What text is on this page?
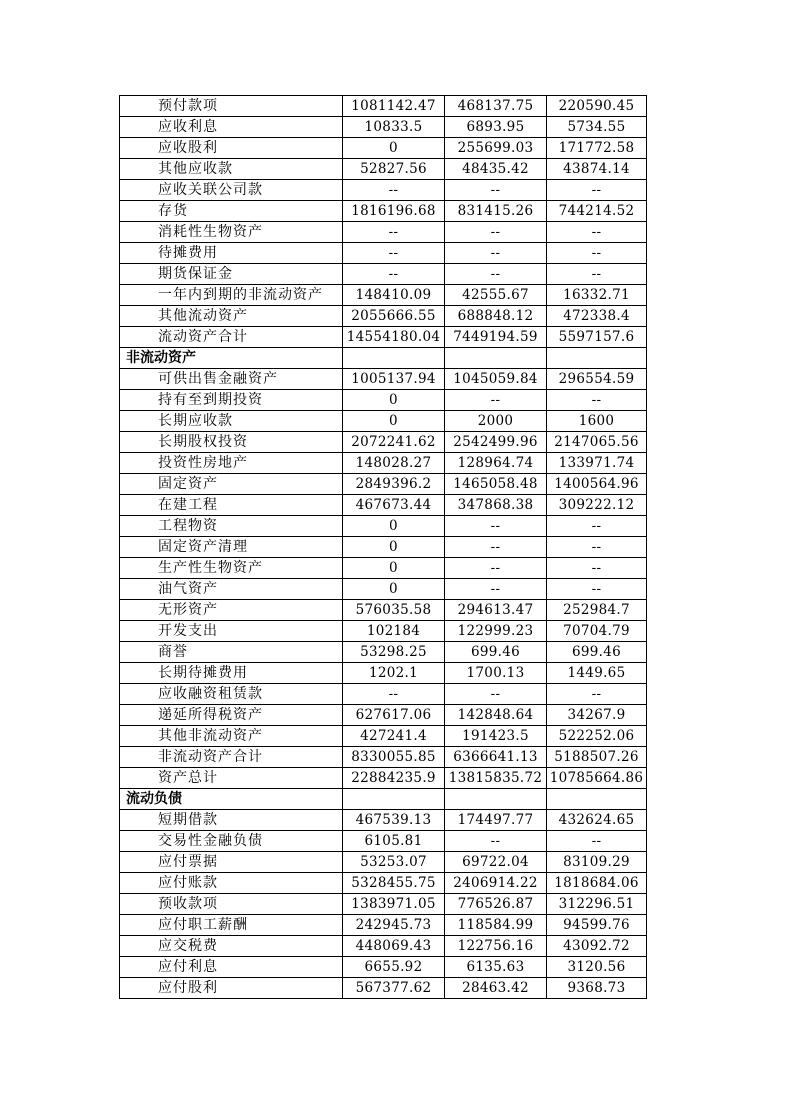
预付款项	1081142.47	468137.75	220590.45
应收利息	10833.5	6893.95	5734.55
应收股利	0	255699.03	171772.58
其他应收款	52827.56	48435.42	43874.14
应收关联公司款	--	--	--
存货	1816196.68	831415.26	744214.52
消耗性生物资产	--	--	--
待摊费用	--	--	--
期货保证金	--	--	--
一年内到期的非流动资产	148410.09	42555.67	16332.71
其他流动资产	2055666.55	688848.12	472338.4
流动资产合计	14554180.04	7449194.59	5597157.6
非流动资产			
可供出售金融资产	1005137.94	1045059.84	296554.59
持有至到期投资	0	--	--
长期应收款	0	2000	1600
长期股权投资	2072241.62	2542499.96	2147065.56
投资性房地产	148028.27	128964.74	133971.74
固定资产	2849396.2	1465058.48	1400564.96
在建工程	467673.44	347868.38	309222.12
工程物资	0	--	--
固定资产清理	0	--	--
生产性生物资产	0	--	--
油气资产	0	--	--
无形资产	576035.58	294613.47	252984.7
开发支出	102184	122999.23	70704.79
商誉	53298.25	699.46	699.46
长期待摊费用	1202.1	1700.13	1449.65
应收融资租赁款	--	--	--
递延所得税资产	627617.06	142848.64	34267.9
其他非流动资产	427241.4	191423.5	522252.06
非流动资产合计	8330055.85	6366641.13	5188507.26
资产总计	22884235.9	13815835.72	10785664.86
流动负债			
短期借款	467539.13	174497.77	432624.65
交易性金融负债	6105.81	--	--
应付票据	53253.07	69722.04	83109.29
应付账款	5328455.75	2406914.22	1818684.06
预收款项	1383971.05	776526.87	312296.51
应付职工薪酬	242945.73	118584.99	94599.76
应交税费	448069.43	122756.16	43092.72
应付利息	6655.92	6135.63	3120.56
应付股利	567377.62	28463.42	9368.73
